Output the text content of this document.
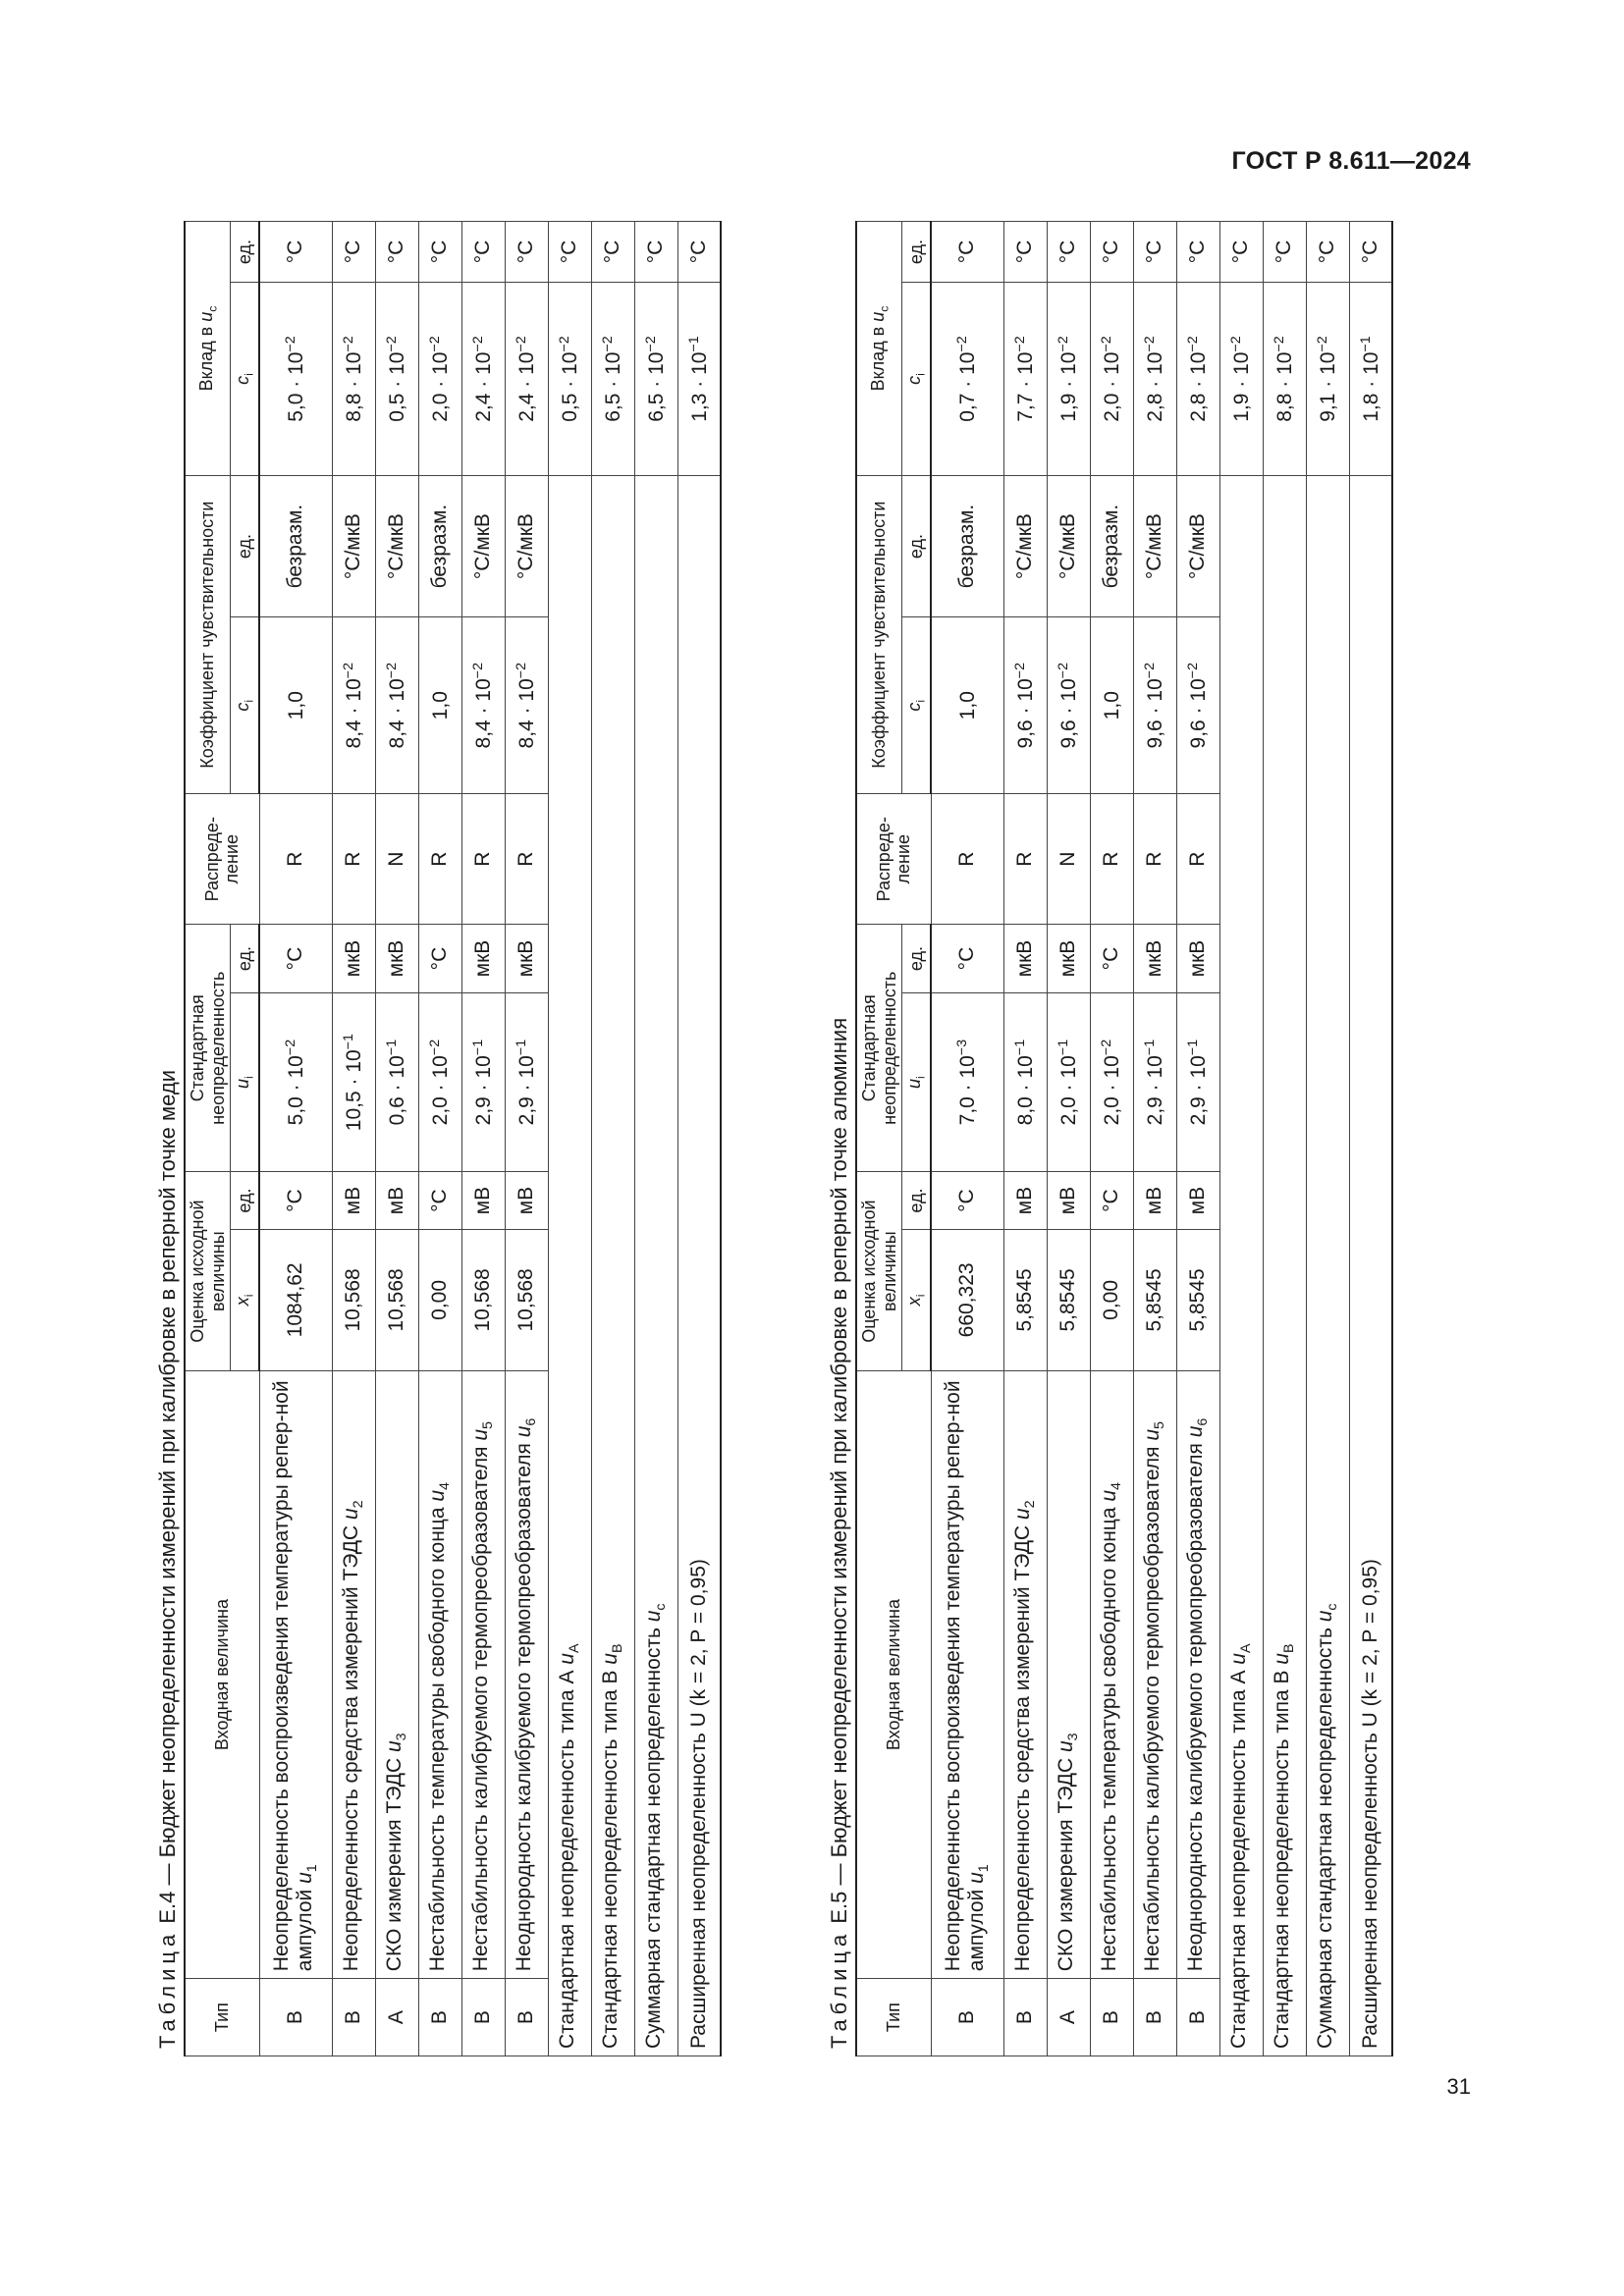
ГОСТ Р 8.611—2024
Таблица Е.4 — Бюджет неопределенности измерений при калибровке в реперной точке меди
Тип	Входная величина	Оценка исходной величины		Стандартная неопределенность		Распреде-ление	Коэффициент чувствительности		Вклад в $u_c$
		$x_i$	ед.	$u_i$	ед.		$c_i$	ед.	$c_i$	ед.
B	Неопределенность воспроизведения температуры репер-ной ампулой $u_1$	1084,62	°C	$5,0 \cdot 10^{-2}$	°C	R	1,0	безразм.	$5,0 \cdot 10^{-2}$	°C
B	Неопределенность средства измерений ТЭДС $u_2$	10,568	мВ	$10,5 \cdot 10^{-1}$	мкВ	R	$8,4 \cdot 10^{-2}$	°C/мкВ	$8,8 \cdot 10^{-2}$	°C
A	СКО измерения ТЭДС $u_3$	10,568	мВ	$0,6 \cdot 10^{-1}$	мкВ	N	$8,4 \cdot 10^{-2}$	°C/мкВ	$0,5 \cdot 10^{-2}$	°C
B	Нестабильность температуры свободного конца $u_4$	0,00	°C	$2,0 \cdot 10^{-2}$	°C	R	1,0	безразм.	$2,0 \cdot 10^{-2}$	°C
B	Нестабильность калибруемого термопреобразователя $u_5$	10,568	мВ	$2,9 \cdot 10^{-1}$	мкВ	R	$8,4 \cdot 10^{-2}$	°C/мкВ	$2,4 \cdot 10^{-2}$	°C
B	Неоднородность калибруемого термопреобразователя $u_6$	10,568	мВ	$2,9 \cdot 10^{-1}$	мкВ	R	$8,4 \cdot 10^{-2}$	°C/мкВ	$2,4 \cdot 10^{-2}$	°C
Стандартная неопределенность типа А $u_A$									$0,5 \cdot 10^{-2}$	°C
Стандартная неопределенность типа В $u_B$									$6,5 \cdot 10^{-2}$	°C
Суммарная стандартная неопределенность $u_c$									$6,5 \cdot 10^{-2}$	°C
Расширенная неопределенность U (k = 2, P = 0,95)									$1,3 \cdot 10^{-1}$	°C
Таблица Е.5 — Бюджет неопределенности измерений при калибровке в реперной точке алюминия
Тип	Входная величина	Оценка исходной величины		Стандартная неопределенность		Распреде-ление	Коэффициент чувствительности		Вклад в $u_c$
		$x_i$	ед.	$u_i$	ед.		$c_i$	ед.	$c_i$	ед.
B	Неопределенность воспроизведения температуры репер-ной ампулой $u_1$	660,323	°C	$7,0 \cdot 10^{-3}$	°C	R	1,0	безразм.	$0,7 \cdot 10^{-2}$	°C
B	Неопределенность средства измерений ТЭДС $u_2$	5,8545	мВ	$8,0 \cdot 10^{-1}$	мкВ	R	$9,6 \cdot 10^{-2}$	°C/мкВ	$7,7 \cdot 10^{-2}$	°C
A	СКО измерения ТЭДС $u_3$	5,8545	мВ	$2,0 \cdot 10^{-1}$	мкВ	N	$9,6 \cdot 10^{-2}$	°C/мкВ	$1,9 \cdot 10^{-2}$	°C
B	Нестабильность температуры свободного конца $u_4$	0,00	°C	$2,0 \cdot 10^{-2}$	°C	R	1,0	безразм.	$2,0 \cdot 10^{-2}$	°C
B	Нестабильность калибруемого термопреобразователя $u_5$	5,8545	мВ	$2,9 \cdot 10^{-1}$	мкВ	R	$9,6 \cdot 10^{-2}$	°C/мкВ	$2,8 \cdot 10^{-2}$	°C
B	Неоднородность калибруемого термопреобразователя $u_6$	5,8545	мВ	$2,9 \cdot 10^{-1}$	мкВ	R	$9,6 \cdot 10^{-2}$	°C/мкВ	$2,8 \cdot 10^{-2}$	°C
Стандартная неопределенность типа А $u_A$									$1,9 \cdot 10^{-2}$	°C
Стандартная неопределенность типа В $u_B$									$8,8 \cdot 10^{-2}$	°C
Суммарная стандартная неопределенность $u_c$									$9,1 \cdot 10^{-2}$	°C
Расширенная неопределенность U (k = 2, P = 0,95)									$1,8 \cdot 10^{-1}$	°C
31
